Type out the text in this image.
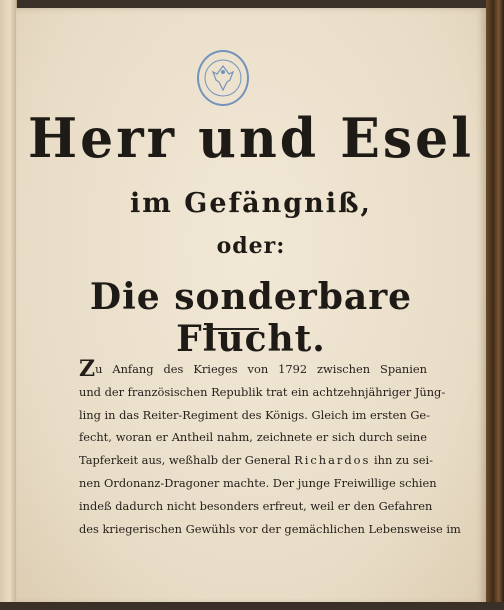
Herr und Esel
im Gefängniß,
oder:
Die sonderbare Flucht.
Zu Anfang des Krieges von 1792 zwischen Spanien
und der französischen Republik trat ein achtzehnjähriger Jüng-
ling in das Reiter-Regiment des Königs. Gleich im ersten Ge-
fecht, woran er Antheil nahm, zeichnete er sich durch seine
Tapferkeit aus, weßhalb der General Richardos ihn zu sei-
nen Ordonanz-Dragoner machte. Der junge Freiwillige schien
indeß dadurch nicht besonders erfreut, weil er den Gefahren
des kriegerischen Gewühls vor der gemächlichen Lebensweise im
